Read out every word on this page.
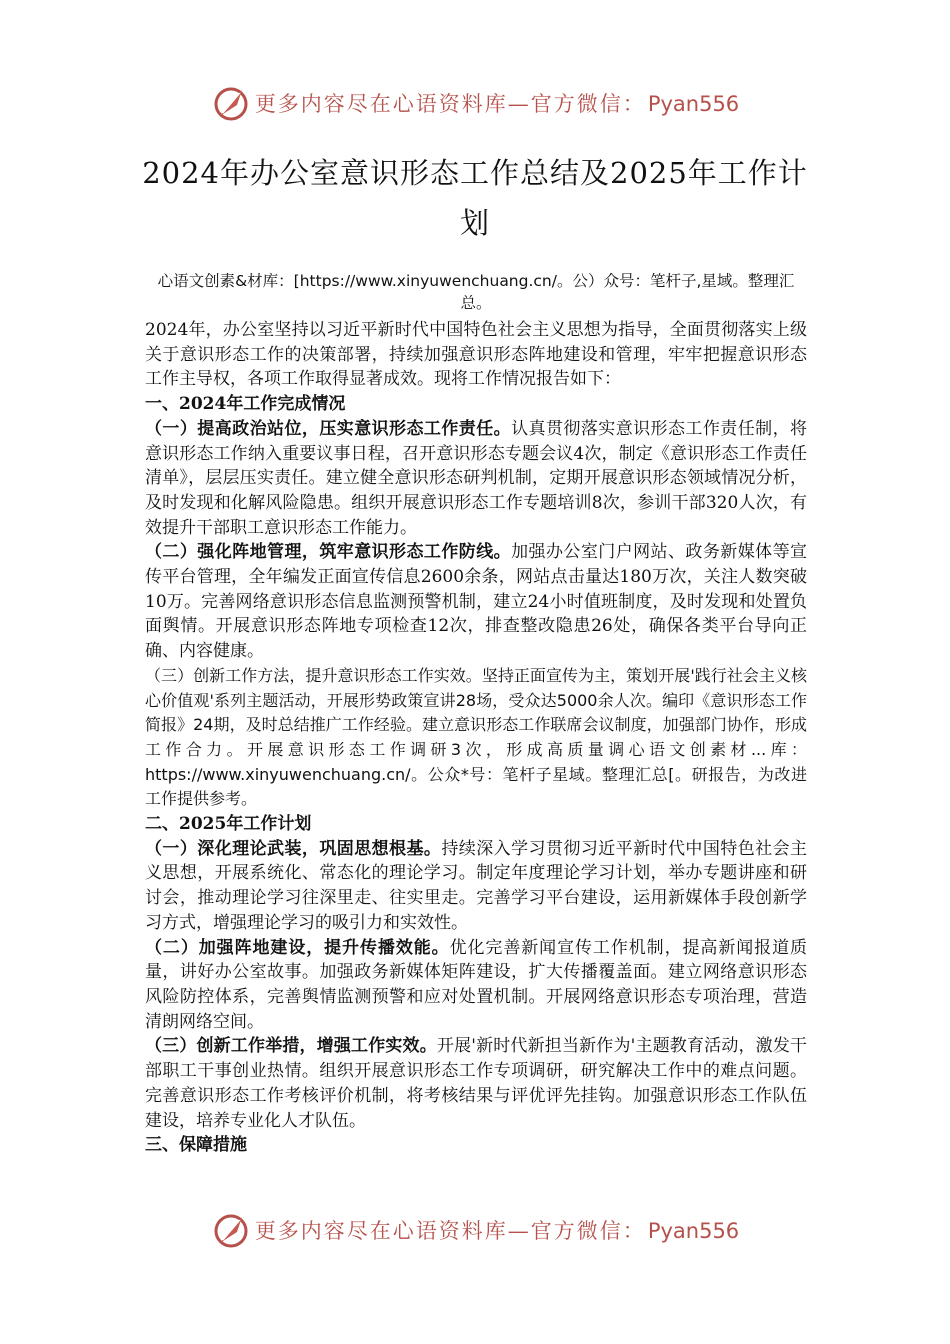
更多内容尽在心语资料库—官方微信：Pyan556
2024年办公室意识形态工作总结及2025年工作计划

心语文创素&材库：[https://www.xinyuwenchuang.cn/。公）众号：笔杆子,星域。整理汇总。

2024年，办公室坚持以习近平新时代中国特色社会主义思想为指导，全面贯彻落实上级关于意识形态工作的决策部署，持续加强意识形态阵地建设和管理，牢牢把握意识形态工作主导权，各项工作取得显著成效。现将工作情况报告如下：

一、2024年工作完成情况

（一）提高政治站位，压实意识形态工作责任。认真贯彻落实意识形态工作责任制，将意识形态工作纳入重要议事日程，召开意识形态专题会议4次，制定《意识形态工作责任清单》，层层压实责任。建立健全意识形态研判机制，定期开展意识形态领域情况分析，及时发现和化解风险隐患。组织开展意识形态工作专题培训8次，参训干部320人次，有效提升干部职工意识形态工作能力。

（二）强化阵地管理，筑牢意识形态工作防线。加强办公室门户网站、政务新媒体等宣传平台管理，全年编发正面宣传信息2600余条，网站点击量达180万次，关注人数突破10万。完善网络意识形态信息监测预警机制，建立24小时值班制度，及时发现和处置负面舆情。开展意识形态阵地专项检查12次，排查整改隐患26处，确保各类平台导向正确、内容健康。

（三）创新工作方法，提升意识形态工作实效。坚持正面宣传为主，策划开展'践行社会主义核心价值观'系列主题活动，开展形势政策宣讲28场，受众达5000余人次。编印《意识形态工作简报》24期，及时总结推广工作经验。建立意识形态工作联席会议制度，加强部门协作，形成工作合力。开展意识形态工作调研3次，形成高质量调心语文创素材...库：https://www.xinyuwenchuang.cn/。公众*号：笔杆子星域。整理汇总[。研报告，为改进工作提供参考。

二、2025年工作计划

（一）深化理论武装，巩固思想根基。持续深入学习贯彻习近平新时代中国特色社会主义思想，开展系统化、常态化的理论学习。制定年度理论学习计划，举办专题讲座和研讨会，推动理论学习往深里走、往实里走。完善学习平台建设，运用新媒体手段创新学习方式，增强理论学习的吸引力和实效性。

（二）加强阵地建设，提升传播效能。优化完善新闻宣传工作机制，提高新闻报道质量，讲好办公室故事。加强政务新媒体矩阵建设，扩大传播覆盖面。建立网络意识形态风险防控体系，完善舆情监测预警和应对处置机制。开展网络意识形态专项治理，营造清朗网络空间。

（三）创新工作举措，增强工作实效。开展'新时代新担当新作为'主题教育活动，激发干部职工干事创业热情。组织开展意识形态工作专项调研，研究解决工作中的难点问题。完善意识形态工作考核评价机制，将考核结果与评优评先挂钩。加强意识形态工作队伍建设，培养专业化人才队伍。

三、保障措施

更多内容尽在心语资料库—官方微信：Pyan556
